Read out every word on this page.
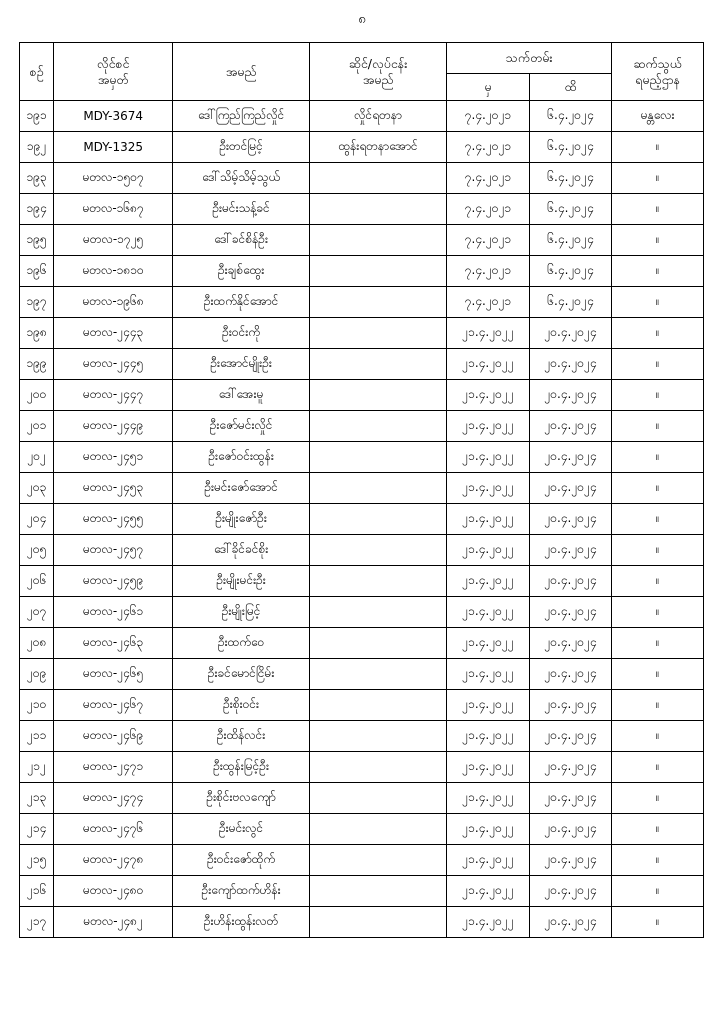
၈
စဉ်	လိုင်စင်
အမှတ်	အမည်	ဆိုင်/လုပ်ငန်း
အမည်	သက်တမ်း		ဆက်သွယ်
ရမည့်ဌာန
				မှ	ထိ	
၁၉၁	MDY-3674	ဒေါ်ကြည်ကြည်လှိုင်	လှိုင်ရတနာ	၇.၄.၂၀၂၁	၆.၄.၂၀၂၄	မန္တလေး
၁၉၂	MDY-1325	ဦးတင်မြင့်	ထွန်းရတနာအောင်	၇.၄.၂၀၂၁	၆.၄.၂၀၂၄	။
၁၉၃	မတလ-၁၅၀၇	ဒေါ်သိမ့်သိမ့်သွယ်		၇.၄.၂၀၂၁	၆.၄.၂၀၂၄	။
၁၉၄	မတလ-၁၆၈၇	ဦးမင်းသန့်ခင်		၇.၄.၂၀၂၁	၆.၄.၂၀၂၄	။
၁၉၅	မတလ-၁၇၂၅	ဒေါ်ခင်စိန်ဦး		၇.၄.၂၀၂၁	၆.၄.၂၀၂၄	။
၁၉၆	မတလ-၁၈၁၀	ဦးချစ်ထွေး		၇.၄.၂၀၂၁	၆.၄.၂၀၂၄	။
၁၉၇	မတလ-၁၉၆၈	ဦးထက်နိုင်အောင်		၇.၄.၂၀၂၁	၆.၄.၂၀၂၄	။
၁၉၈	မတလ-၂၄၄၃	ဦးဝင်းကို		၂၁.၄.၂၀၂၂	၂၀.၄.၂၀၂၄	။
၁၉၉	မတလ-၂၄၄၅	ဦးအောင်မျိုးဦး		၂၁.၄.၂၀၂၂	၂၀.၄.၂၀၂၄	။
၂၀၀	မတလ-၂၄၄၇	ဒေါ်အေးမူ		၂၁.၄.၂၀၂၂	၂၀.၄.၂၀၂၄	။
၂၀၁	မတလ-၂၄၄၉	ဦးဇော်မင်းလှိုင်		၂၁.၄.၂၀၂၂	၂၀.၄.၂၀၂၄	။
၂၀၂	မတလ-၂၄၅၁	ဦးဇော်ဝင်းထွန်း		၂၁.၄.၂၀၂၂	၂၀.၄.၂၀၂၄	။
၂၀၃	မတလ-၂၄၅၃	ဦးမင်းဇော်အောင်		၂၁.၄.၂၀၂၂	၂၀.၄.၂၀၂၄	။
၂၀၄	မတလ-၂၄၅၅	ဦးမျိုးဇော်ဦး		၂၁.၄.၂၀၂၂	၂၀.၄.၂၀၂၄	။
၂၀၅	မတလ-၂၄၅၇	ဒေါ်ခိုင်ခင်စိုး		၂၁.၄.၂၀၂၂	၂၀.၄.၂၀၂၄	။
၂၀၆	မတလ-၂၄၅၉	ဦးမျိုးမင်းဦး		၂၁.၄.၂၀၂၂	၂၀.၄.၂၀၂၄	။
၂၀၇	မတလ-၂၄၆၁	ဦးမျိုးမြင့်		၂၁.၄.၂၀၂၂	၂၀.၄.၂၀၂၄	။
၂၀၈	မတလ-၂၄၆၃	ဦးထက်ဝေ		၂၁.၄.၂၀၂၂	၂၀.၄.၂၀၂၄	။
၂၀၉	မတလ-၂၄၆၅	ဦးခင်မောင်ငြိမ်း		၂၁.၄.၂၀၂၂	၂၀.၄.၂၀၂၄	။
၂၁၀	မတလ-၂၄၆၇	ဦးစိုးဝင်း		၂၁.၄.၂၀၂၂	၂၀.၄.၂၀၂၄	။
၂၁၁	မတလ-၂၄၆၉	ဦးထိန်လင်း		၂၁.၄.၂၀၂၂	၂၀.၄.၂၀၂၄	။
၂၁၂	မတလ-၂၄၇၁	ဦးထွန်းမြင့်ဦး		၂၁.၄.၂၀၂၂	၂၀.၄.၂၀၂၄	။
၂၁၃	မတလ-၂၄၇၄	ဦးစိုင်းဗလကျော်		၂၁.၄.၂၀၂၂	၂၀.၄.၂၀၂၄	။
၂၁၄	မတလ-၂၄၇၆	ဦးမင်းလွင်		၂၁.၄.၂၀၂၂	၂၀.၄.၂၀၂၄	။
၂၁၅	မတလ-၂၄၇၈	ဦးဝင်းဇော်ထိုက်		၂၁.၄.၂၀၂၂	၂၀.၄.၂၀၂၄	။
၂၁၆	မတလ-၂၄၈၀	ဦးကျော်ထက်ဟိန်း		၂၁.၄.၂၀၂၂	၂၀.၄.၂၀၂၄	။
၂၁၇	မတလ-၂၄၈၂	ဦးဟိန်းထွန်းလတ်		၂၁.၄.၂၀၂၂	၂၀.၄.၂၀၂၄	။
